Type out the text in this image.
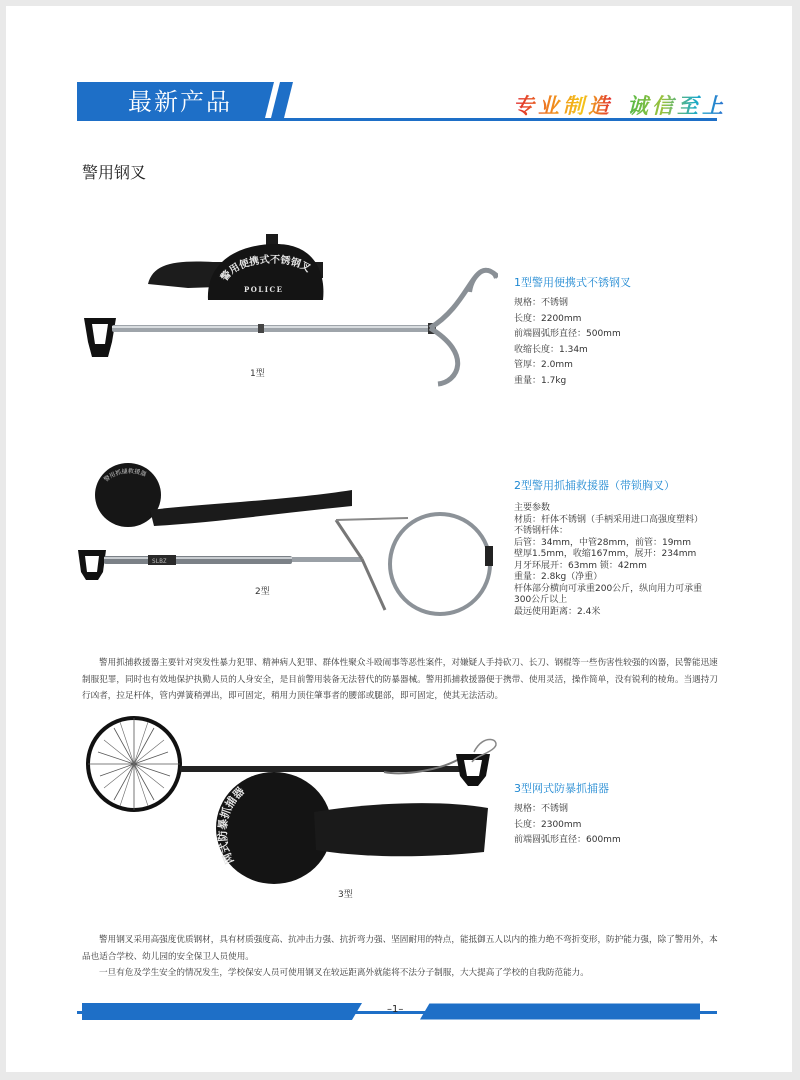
最新产品	专业制造 诚信至上
警用钢叉
警用便携式不锈钢叉
POLICE
1型
1型警用便携式不锈钢叉
规格：不锈钢
长度：2200mm
前端圆弧形直径：500mm
收缩长度：1.34m
管厚：2.0mm
重量：1.7kg
警用抓捕救援器
SLBZ
2型
2型警用抓捕救援器（带锁胸叉）
主要参数
材质：杆体不锈钢（手柄采用进口高强度塑料）
不锈钢杆体：
后管：34mm，中管28mm，前管：19mm
壁厚1.5mm，收缩167mm，展开：234mm
月牙环展开：63mm 锁：42mm
重量：2.8kg（净重）
杆体部分横向可承重200公斤，纵向用力可承重
300公斤以上
最远使用距离：2.4米

警用抓捕救援器主要针对突发性暴力犯罪、精神病人犯罪、群体性聚众斗殴闹事等恶性案件，对嫌疑人手持砍刀、长刀、钢棍等一些伤害性较强的凶器，民警能迅速制服犯罪，同时也有效地保护执勤人员的人身安全，是目前警用装备无法替代的防暴器械。警用抓捕救援器便于携带、使用灵活，操作简单，没有锐利的棱角。当遇持刀行凶者，拉足杆体，管内弹簧稍弹出，即可固定，稍用力顶住肇事者的腰部或腿部，即可固定，使其无法活动。

网式防暴抓捕器
3型
3型网式防暴抓捕器
规格：不锈钢
长度：2300mm
前端圆弧形直径：600mm

警用钢叉采用高强度优质钢材，具有材质强度高、抗冲击力强、抗折弯力强、坚固耐用的特点，能抵御五人以内的推力绝不弯折变形，防护能力强，除了警用外，本品也适合学校、幼儿园的安全保卫人员使用。

一旦有危及学生安全的情况发生，学校保安人员可使用钢叉在较远距离外就能将不法分子制服，大大提高了学校的自我防范能力。

–1–
